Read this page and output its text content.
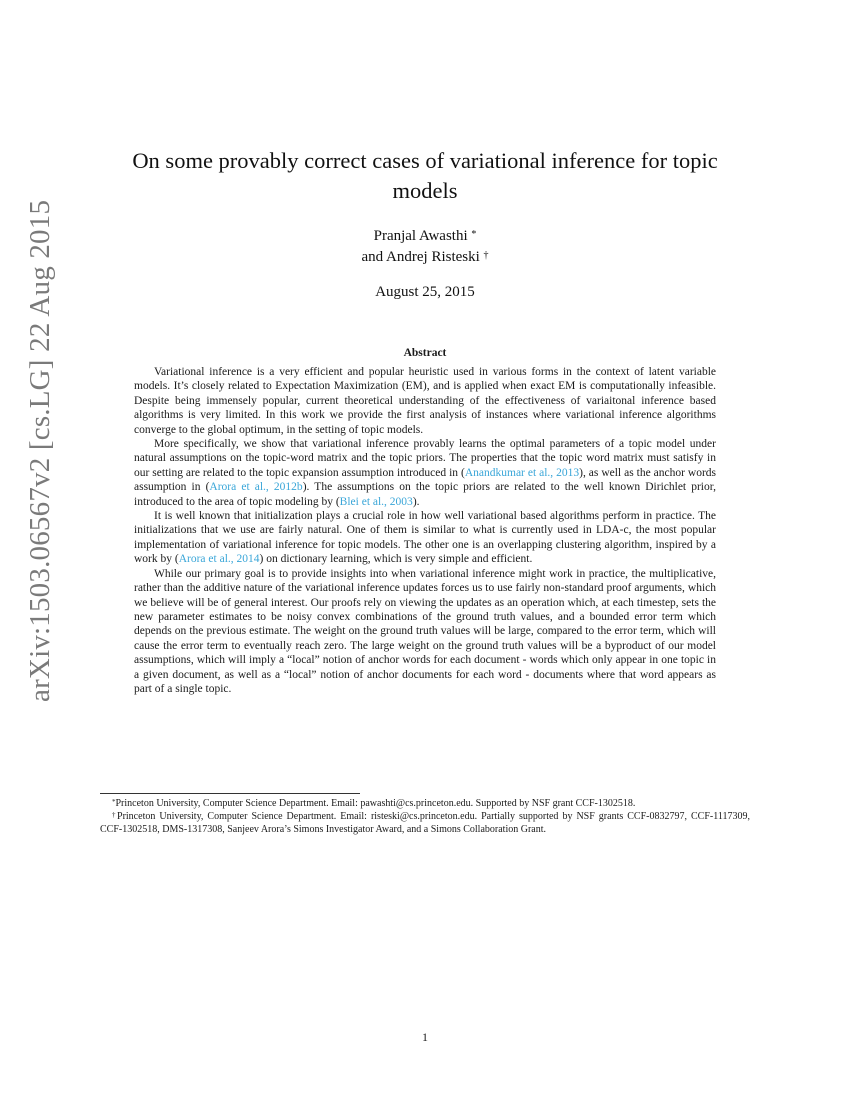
arXiv:1503.06567v2 [cs.LG] 22 Aug 2015
On some provably correct cases of variational inference for topic models
Pranjal Awasthi *
and Andrej Risteski †
August 25, 2015
Abstract

Variational inference is a very efficient and popular heuristic used in various forms in the context of latent variable models. It’s closely related to Expectation Maximization (EM), and is applied when exact EM is computationally infeasible. Despite being immensely popular, current theoretical understanding of the effectiveness of variaitonal inference based algorithms is very limited. In this work we provide the first analysis of instances where variational inference algorithms converge to the global optimum, in the setting of topic models.

More specifically, we show that variational inference provably learns the optimal parameters of a topic model under natural assumptions on the topic-word matrix and the topic priors. The properties that the topic word matrix must satisfy in our setting are related to the topic expansion assumption introduced in (Anandkumar et al., 2013), as well as the anchor words assumption in (Arora et al., 2012b). The assumptions on the topic priors are related to the well known Dirichlet prior, introduced to the area of topic modeling by (Blei et al., 2003).

It is well known that initialization plays a crucial role in how well variational based algorithms perform in practice. The initializations that we use are fairly natural. One of them is similar to what is currently used in LDA-c, the most popular implementation of variational inference for topic models. The other one is an overlapping clustering algorithm, inspired by a work by (Arora et al., 2014) on dictionary learning, which is very simple and efficient.

While our primary goal is to provide insights into when variational inference might work in practice, the multiplicative, rather than the additive nature of the variational inference updates forces us to use fairly non-standard proof arguments, which we believe will be of general interest. Our proofs rely on viewing the updates as an operation which, at each timestep, sets the new parameter estimates to be noisy convex combinations of the ground truth values, and a bounded error term which depends on the previous estimate. The weight on the ground truth values will be large, compared to the error term, which will cause the error term to eventually reach zero. The large weight on the ground truth values will be a byproduct of our model assumptions, which will imply a “local” notion of anchor words for each document - words which only appear in one topic in a given document, as well as a “local” notion of anchor documents for each word - documents where that word appears as part of a single topic.

*Princeton University, Computer Science Department. Email: pawashti@cs.princeton.edu. Supported by NSF grant CCF-1302518.

†Princeton University, Computer Science Department. Email: risteski@cs.princeton.edu. Partially supported by NSF grants CCF-0832797, CCF-1117309, CCF-1302518, DMS-1317308, Sanjeev Arora’s Simons Investigator Award, and a Simons Collaboration Grant.

1
